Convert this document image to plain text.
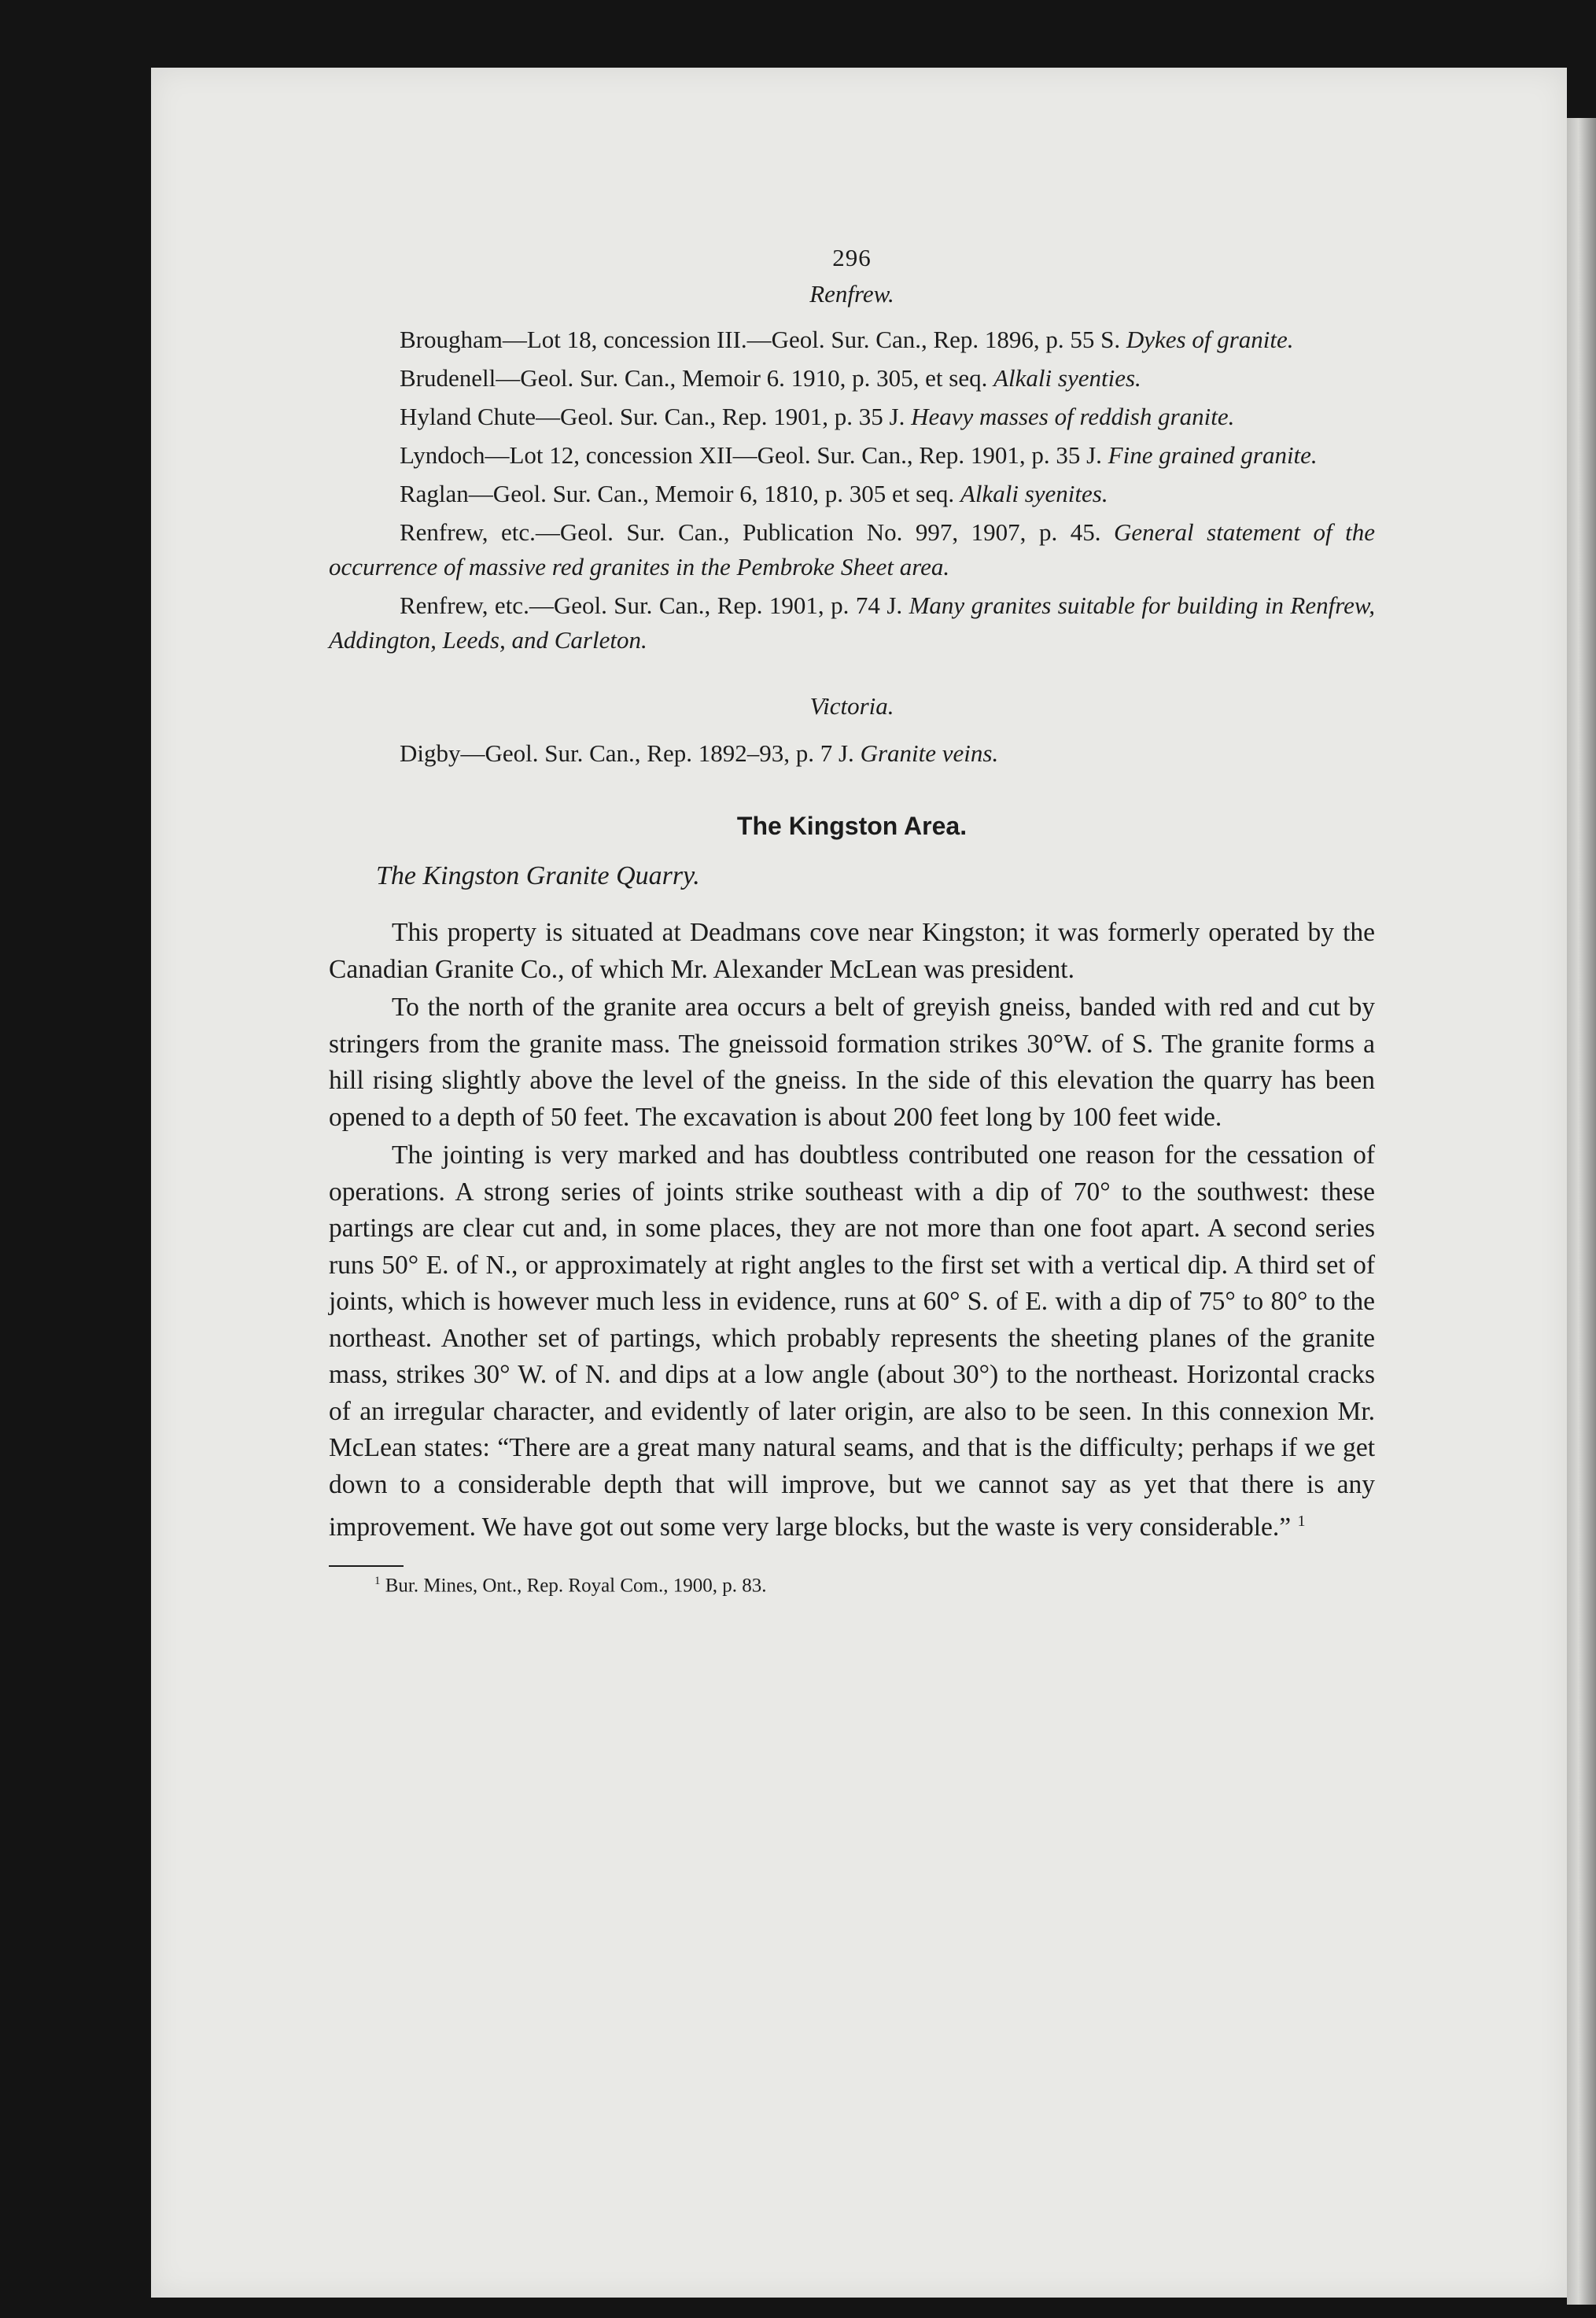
296
Renfrew.

Brougham—Lot 18, concession III.—Geol. Sur. Can., Rep. 1896, p. 55 S. Dykes of granite.

Brudenell—Geol. Sur. Can., Memoir 6. 1910, p. 305, et seq. Alkali syenties.

Hyland Chute—Geol. Sur. Can., Rep. 1901, p. 35 J. Heavy masses of reddish granite.

Lyndoch—Lot 12, concession XII—Geol. Sur. Can., Rep. 1901, p. 35 J. Fine grained granite.

Raglan—Geol. Sur. Can., Memoir 6, 1810, p. 305 et seq. Alkali syenites.

Renfrew, etc.—Geol. Sur. Can., Publication No. 997, 1907, p. 45. General statement of the occurrence of massive red granites in the Pembroke Sheet area.

Renfrew, etc.—Geol. Sur. Can., Rep. 1901, p. 74 J. Many granites suitable for building in Renfrew, Addington, Leeds, and Carleton.

Victoria.

Digby—Geol. Sur. Can., Rep. 1892–93, p. 7 J. Granite veins.

The Kingston Area.
The Kingston Granite Quarry.

This property is situated at Deadmans cove near Kingston; it was formerly operated by the Canadian Granite Co., of which Mr. Alexander McLean was president.

To the north of the granite area occurs a belt of greyish gneiss, banded with red and cut by stringers from the granite mass. The gneissoid formation strikes 30°W. of S. The granite forms a hill rising slightly above the level of the gneiss. In the side of this elevation the quarry has been opened to a depth of 50 feet. The excavation is about 200 feet long by 100 feet wide.

The jointing is very marked and has doubtless contributed one reason for the cessation of operations. A strong series of joints strike southeast with a dip of 70° to the southwest: these partings are clear cut and, in some places, they are not more than one foot apart. A second series runs 50° E. of N., or approximately at right angles to the first set with a vertical dip. A third set of joints, which is however much less in evidence, runs at 60° S. of E. with a dip of 75° to 80° to the northeast. Another set of partings, which probably represents the sheeting planes of the granite mass, strikes 30° W. of N. and dips at a low angle (about 30°) to the northeast. Horizontal cracks of an irregular character, and evidently of later origin, are also to be seen. In this connexion Mr. McLean states: “There are a great many natural seams, and that is the difficulty; perhaps if we get down to a considerable depth that will improve, but we cannot say as yet that there is any improvement. We have got out some very large blocks, but the waste is very considerable.” $^1$

$^1$ Bur. Mines, Ont., Rep. Royal Com., 1900, p. 83.
